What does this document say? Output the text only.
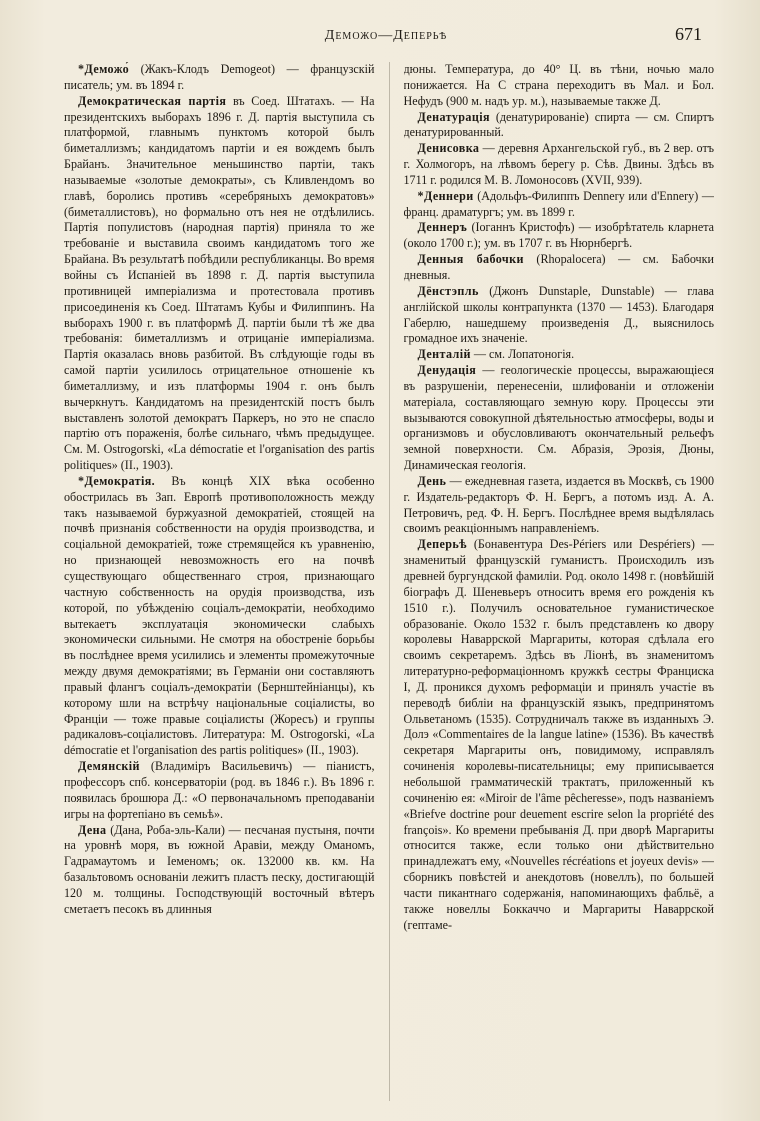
Деможо—Деперьѣ	671

*Деможо́ (Жакъ-Клодъ Demogeot) — французскій писатель; ум. въ 1894 г.

Демократическая партія въ Соед. Штатахъ. — На президентскихъ выборахъ 1896 г. Д. партія выступила съ платформой, главнымъ пунктомъ которой былъ биметаллизмъ; кандидатомъ партіи и ея вождемъ былъ Брайанъ. Значительное меньшинство партіи, такъ называемые «золотые демократы», съ Кливлендомъ во главѣ, боролись противъ «серебряныхъ демократовъ» (биметаллистовъ), но формально отъ нея не отдѣлились. Партія популистовъ (народная партія) приняла то же требованіе и выставила своимъ кандидатомъ того же Брайана. Въ результатѣ побѣдили республиканцы. Во время войны съ Испаніей въ 1898 г. Д. партія выступила противницей имперіализма и протестовала противъ присоединенія къ Соед. Штатамъ Кубы и Филиппинъ. На выборахъ 1900 г. въ платформѣ Д. партіи были тѣ же два требованія: биметаллизмъ и отрицаніе имперіализма. Партія оказалась вновь разбитой. Въ слѣдующіе годы въ самой партіи усилилось отрицательное отношеніе къ биметаллизму, и изъ платформы 1904 г. онъ былъ вычеркнутъ. Кандидатомъ на президентскій постъ былъ выставленъ золотой демократъ Паркеръ, но это не спасло партію отъ пораженія, болѣе сильнаго, чѣмъ предыдущее. См. M. Ostrogorski, «La démocratie et l'organisation des partis politiques» (II., 1903).

*Демократія. Въ концѣ XIX вѣка особенно обострилась въ Зап. Европѣ противоположность между такъ называемой буржуазной демократіей, стоящей на почвѣ признанія собственности на орудія производства, и соціальной демократіей, тоже стремящейся къ уравненію, но признающей невозможность его на почвѣ существующаго общественнаго строя, признающаго частную собственность на орудія производства, изъ которой, по убѣжденію соціалъ-демократіи, необходимо вытекаетъ эксплуатація экономически слабыхъ экономически сильными. Не смотря на обостреніе борьбы въ послѣднее время усилились и элементы промежуточные между двумя демократіями; въ Германіи они составляютъ правый флангъ соціалъ-демократіи (Бернштейніанцы), къ которому шли на встрѣчу національные соціалисты, во Франціи — тоже правые соціалисты (Жоресъ) и группы радикаловъ-соціалистовъ. Литература: M. Ostrogorski, «La démocratie et l'organisation des partis politiques» (II., 1903).

Демянскій (Владиміръ Васильевичъ) — піанистъ, профессоръ спб. консерваторіи (род. въ 1846 г.). Въ 1896 г. появилась брошюра Д.: «О первоначальномъ преподаваніи игры на фортепіано въ семьѣ».

Дена (Дана, Роба-эль-Кали) — песчаная пустыня, почти на уровнѣ моря, въ южной Аравіи, между Оманомъ, Гадрамаутомъ и Іеменомъ; ок. 132000 кв. км. На базальтовомъ основаніи лежитъ пластъ песку, достигающій 120 м. толщины. Господствующій восточный вѣтеръ сметаетъ песокъ въ длинныя

дюны. Температура, до 40° Ц. въ тѣни, ночью мало понижается. На С страна переходитъ въ Мал. и Бол. Нефудъ (900 м. надъ ур. м.), называемые также Д.

Денатурація (денатурированіе) спирта — см. Спиртъ денатурированный.

Денисовка — деревня Архангельской губ., въ 2 вер. отъ г. Холмогоръ, на лѣвомъ берегу р. Сѣв. Двины. Здѣсь въ 1711 г. родился М. В. Ломоносовъ (XVII, 939).

*Деннери (Адольфъ-Филиппъ Dennery или d'Ennery) — франц. драматургъ; ум. въ 1899 г.

Деннеръ (Іоганнъ Кристофъ) — изобрѣтатель кларнета (около 1700 г.); ум. въ 1707 г. въ Нюрнбергѣ.

Денныя бабочки (Rhopalocera) — см. Бабочки дневныя.

Дёнстэпль (Джонъ Dunstaple, Dunstable) — глава англійской школы контрапункта (1370 — 1453). Благодаря Габерлю, нашедшему произведенія Д., выяснилось громадное ихъ значеніе.

Денталій — см. Лопатоногія.

Денудація — геологическіе процессы, выражающіеся въ разрушеніи, перенесеніи, шлифованіи и отложеніи матеріала, составляющаго земную кору. Процессы эти вызываются совокупной дѣятельностью атмосферы, воды и организмовъ и обусловливаютъ окончательный рельефъ земной поверхности. См. Абразія, Эрозія, Дюны, Динамическая геологія.

День — ежедневная газета, издается въ Москвѣ, съ 1900 г. Издатель-редакторъ Ф. Н. Бергъ, а потомъ изд. А. А. Петровичъ, ред. Ф. Н. Бергъ. Послѣднее время выдѣлялась своимъ реакціоннымъ направленіемъ.

Деперьѣ (Бонавентура Des-Périers или Despériers) — знаменитый французскій гуманистъ. Происходилъ изъ древней бургундской фамиліи. Род. около 1498 г. (новѣйшій біографъ Д. Шеневьеръ относитъ время его рожденія къ 1510 г.). Получилъ основательное гуманистическое образованіе. Около 1532 г. былъ представленъ ко двору королевы Наваррской Маргариты, которая сдѣлала его своимъ секретаремъ. Здѣсь въ Ліонѣ, въ знаменитомъ литературно-реформаціонномъ кружкѣ сестры Франциска I, Д. проникся духомъ реформаціи и принялъ участіе въ переводѣ библіи на французскій языкъ, предпринятомъ Ольветаномъ (1535). Сотрудничалъ также въ изданныхъ Э. Долэ «Commentaires de la langue latine» (1536). Въ качествѣ секретаря Маргариты онъ, повидимому, исправлялъ сочиненія королевы-писательницы; ему приписывается небольшой грамматическій трактатъ, приложенный къ сочиненію ея: «Miroir de l'âme pêcheresse», подъ названіемъ «Briefve doctrine pour deuement escrire selon la propriété des françois». Ко времени пребыванія Д. при дворѣ Маргариты относится также, если только они дѣйствительно принадлежатъ ему, «Nouvelles récréations et joyeux devis» — сборникъ повѣстей и анекдотовъ (новеллъ), по большей части пикантнаго содержанія, напоминающихъ фабльё, а также новеллы Боккаччо и Маргариты Наваррской (гептаме-
